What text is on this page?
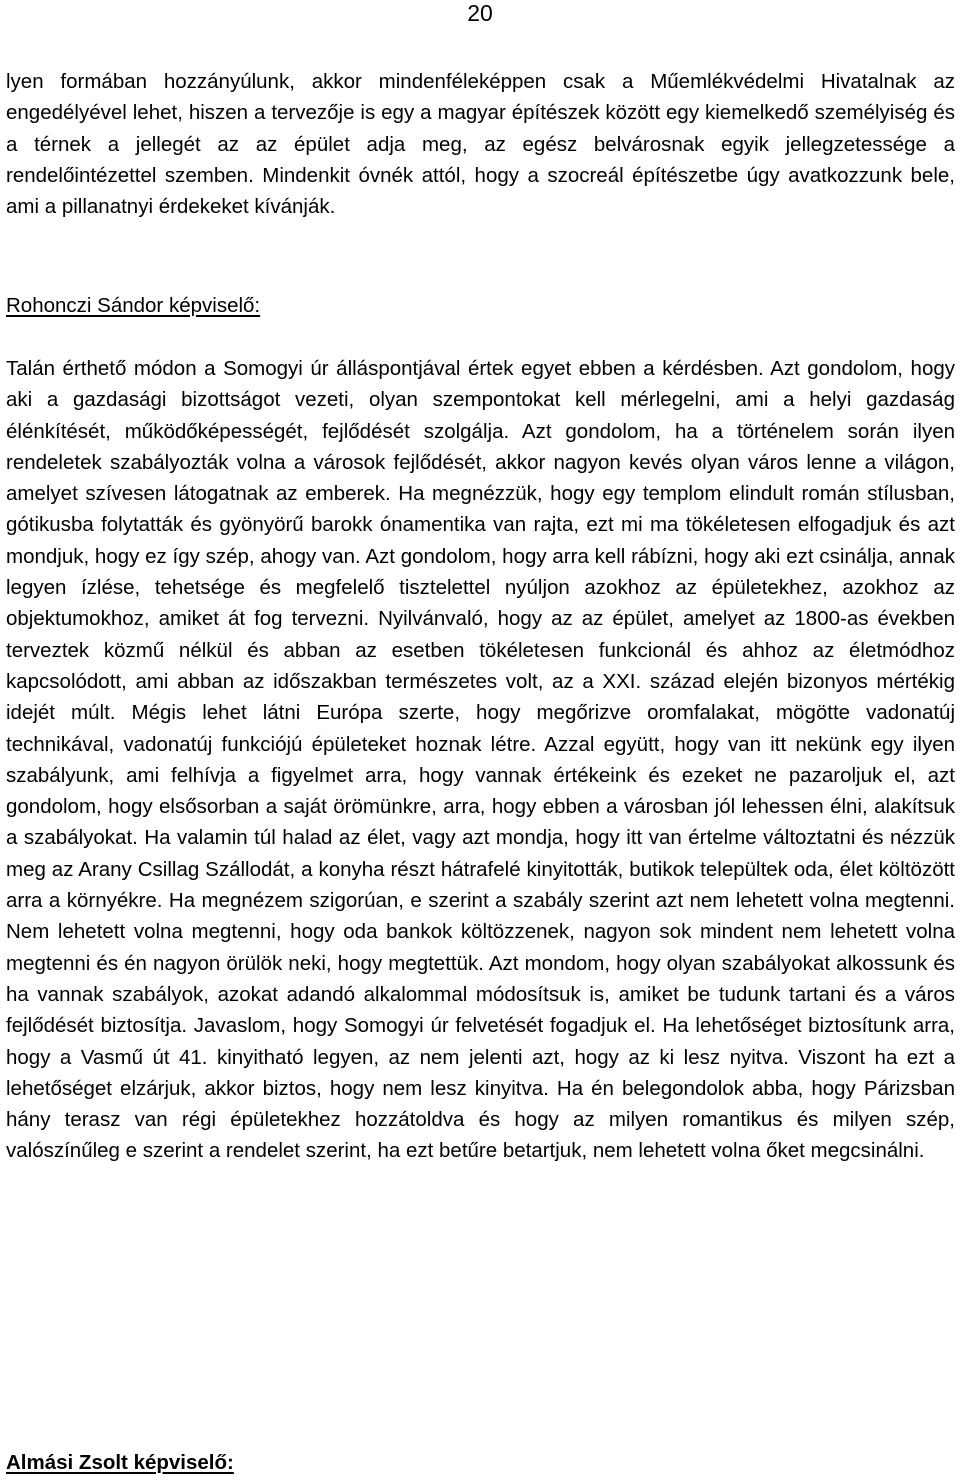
20

lyen formában hozzányúlunk, akkor mindenféleképpen csak a Műemlékvédelmi Hivatalnak az engedélyével lehet, hiszen a tervezője is egy a magyar építészek között egy kiemelkedő személyiség és a térnek a jellegét az az épület adja meg, az egész belvárosnak egyik jellegzetessége a rendelőintézettel szemben. Mindenkit óvnék attól, hogy a szocreál építészetbe úgy avatkozzunk bele, ami a pillanatnyi érdekeket kívánják.

Rohonczi Sándor képviselő:

Talán érthető módon a Somogyi úr álláspontjával értek egyet ebben a kérdésben. Azt gondolom, hogy aki a gazdasági bizottságot vezeti, olyan szempontokat kell mérlegelni, ami a helyi gazdaság élénkítését, működőképességét, fejlődését szolgálja. Azt gondolom, ha a történelem során ilyen rendeletek szabályozták volna a városok fejlődését, akkor nagyon kevés olyan város lenne a világon, amelyet szívesen látogatnak az emberek. Ha megnézzük, hogy egy templom elindult román stílusban, gótikusba folytatták és gyönyörű barokk ónamentika van rajta, ezt mi ma tökéletesen elfogadjuk és azt mondjuk, hogy ez így szép, ahogy van. Azt gondolom, hogy arra kell rábízni, hogy aki ezt csinálja, annak legyen ízlése, tehetsége és megfelelő tisztelettel nyúljon azokhoz az épületekhez, azokhoz az objektumokhoz, amiket át fog tervezni. Nyilvánvaló, hogy az az épület, amelyet az 1800-as években terveztek közmű nélkül és abban az esetben tökéletesen funkcionál és ahhoz az életmódhoz kapcsolódott, ami abban az időszakban természetes volt, az a XXI. század elején bizonyos mértékig idejét múlt. Mégis lehet látni Európa szerte, hogy megőrizve oromfalakat, mögötte vadonatúj technikával, vadonatúj funkciójú épületeket hoznak létre. Azzal együtt, hogy van itt nekünk egy ilyen szabályunk, ami felhívja a figyelmet arra, hogy vannak értékeink és ezeket ne pazaroljuk el, azt gondolom, hogy elsősorban a saját örömünkre, arra, hogy ebben a városban jól lehessen élni, alakítsuk a szabályokat. Ha valamin túl halad az élet, vagy azt mondja, hogy itt van értelme változtatni és nézzük meg az Arany Csillag Szállodát, a konyha részt hátrafelé kinyitották, butikok települtek oda, élet költözött arra a környékre. Ha megnézem szigorúan, e szerint a szabály szerint azt nem lehetett volna megtenni. Nem lehetett volna megtenni, hogy oda bankok költözzenek, nagyon sok mindent nem lehetett volna megtenni és én nagyon örülök neki, hogy megtettük. Azt mondom, hogy olyan szabályokat alkossunk és ha vannak szabályok, azokat adandó alkalommal módosítsuk is, amiket be tudunk tartani és a város fejlődését biztosítja. Javaslom, hogy Somogyi úr felvetését fogadjuk el. Ha lehetőséget biztosítunk arra, hogy a Vasmű út 41. kinyitható legyen, az nem jelenti azt, hogy az ki lesz nyitva. Viszont ha ezt a lehetőséget elzárjuk, akkor biztos, hogy nem lesz kinyitva. Ha én belegondolok abba, hogy Párizsban hány terasz van régi épületekhez hozzátoldva és hogy az milyen romantikus és milyen szép, valószínűleg e szerint a rendelet szerint, ha ezt betűre betartjuk, nem lehetett volna őket megcsinálni.

Almási Zsolt képviselő:
